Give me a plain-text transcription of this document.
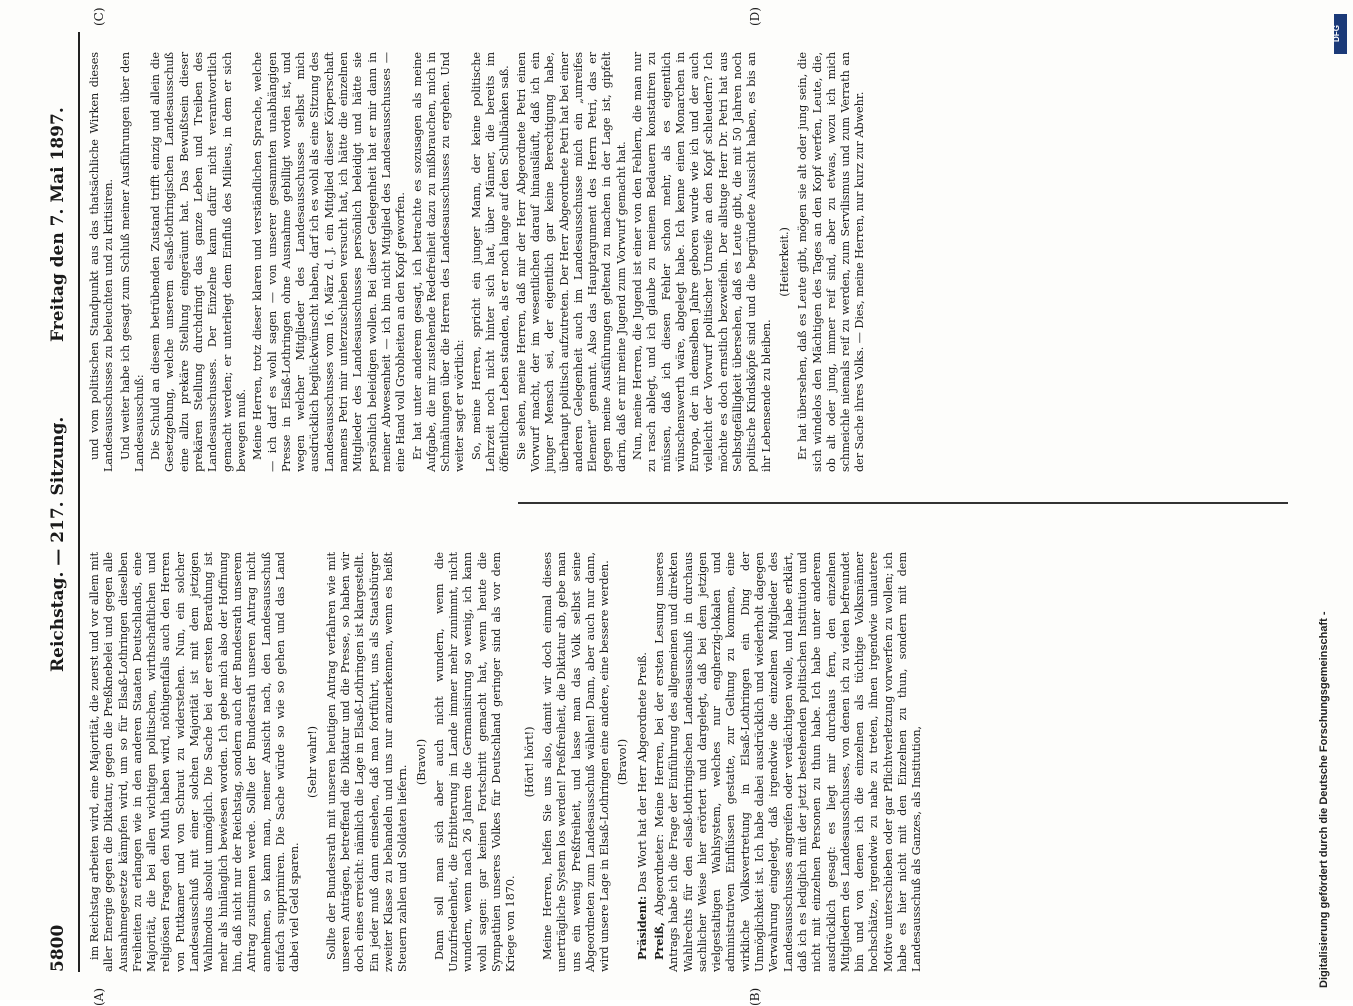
5800
Reichstag. — 217. Sitzung.
Freitag den 7. Mai 1897.
(A)	(B)
(C)	(D)

im Reichstag arbeiten wird, eine Majorität, die zuerst und vor allem mit aller Energie gegen die Diktatur, gegen die Preßknebelei und gegen alle Ausnahmegesetze kämpfen wird, um so für Elsaß-Lothringen dieselben Freiheiten zu erlangen wie in den anderen Staaten Deutschlands, eine Majorität, die bei allen wichtigen politischen, wirthschaftlichen und religiösen Fragen den Muth haben wird, nöthigenfalls auch den Herren von Puttkamer und von Schraut zu widerstehen. Nun, ein solcher Landesausschuß mit einer solchen Majorität ist mit dem jetzigen Wahlmodus absolut unmöglich. Die Sache bei der ersten Berathung ist mehr als hinlänglich bewiesen worden. Ich gebe mich also der Hoffnung hin, daß nicht nur der Reichstag, sondern auch der Bundesrath unserem Antrag zustimmen werde. Sollte der Bundesrath unseren Antrag nicht annehmen, so kann man, meiner Ansicht nach, den Landesausschuß einfach supprimiren. Die Sache würde so wie so gehen und das Land dabei viel Geld sparen.

(Sehr wahr!) Sollte der Bundesrath mit unseren heutigen Antrag verfahren wie mit unseren Anträgen, betreffend die Diktatur und die Presse, so haben wir doch eines erreicht: nämlich die Lage in Elsaß-Lothringen ist klargestellt. Ein jeder muß dann einsehen, daß man fortführt, uns als Staatsbürger zweiter Klasse zu behandeln und uns nur anzuerkennen, wenn es heißt Steuern zahlen und Soldaten liefern.

(Bravo!) Dann soll man sich aber auch nicht wundern, wenn die Unzufriedenheit, die Erbitterung im Lande immer mehr zunimmt, nicht wundern, wenn nach 26 Jahren die Germanisirung so wenig, ich kann wohl sagen: gar keinen Fortschritt gemacht hat, wenn heute die Sympathien unseres Volkes für Deutschland geringer sind als vor dem Kriege von 1870.

(Hört! hört!) Meine Herren, helfen Sie uns also, damit wir doch einmal dieses unerträgliche System los werden! Preßfreiheit, die Diktatur ab, gebe man uns ein wenig Preßfreiheit, und lasse man das Volk selbst seine Abgeordneten zum Landesausschuß wählen! Dann, aber auch nur dann, wird unsere Lage in Elsaß-Lothringen eine andere, eine bessere werden. (Bravo!)

Präsident: Das Wort hat der Herr Abgeordnete Preiß.

Preiß, Abgeordneter: Meine Herren, bei der ersten Lesung unseres Antrags habe ich die Frage der Einführung des allgemeinen und direkten Wahlrechts für den elsaß-lothringischen Landesausschuß in durchaus sachlicher Weise hier erörtert und dargelegt, daß bei dem jetzigen vielgestaltigen Wahlsystem, welches nur engherzig-lokalen und administrativen Einflüssen gestatte, zur Geltung zu kommen, eine wirkliche Volksvertretung in Elsaß-Lothringen ein Ding der Unmöglichkeit ist. Ich habe dabei ausdrücklich und wiederholt dagegen Verwahrung eingelegt, daß irgendwie die einzelnen Mitglieder des Landesausschusses angreifen oder verdächtigen wolle, und habe erklärt, daß ich es lediglich mit der jetzt bestehenden politischen Institution und nicht mit einzelnen Personen zu thun habe. Ich habe unter anderem ausdrücklich gesagt: es liegt mir durchaus fern, den einzelnen Mitgliedern des Landesausschusses, von denen ich zu vielen befreundet bin und von denen ich die einzelnen als tüchtige Volksmänner hochschätze, irgendwie zu nahe zu treten, ihnen irgendwie unlautere Motive unterschieben oder gar Pflichtverletzung vorwerfen zu wollen; ich habe es hier nicht mit den Einzelnen zu thun, sondern mit dem Landesausschuß als Ganzes, als Institution,

und vom politischen Standpunkt aus das thatsächliche Wirken dieses Landesausschusses zu beleuchten und zu kritisiren. Und weiter habe ich gesagt zum Schluß meiner Ausführungen über den Landesausschuß: Die Schuld an diesem betrübenden Zustand trifft einzig und allein die Gesetzgebung, welche unserem elsaß-lothringischen Landesausschuß eine allzu prekäre Stellung eingeräumt hat. Das Bewußtsein dieser prekären Stellung durchdringt das ganze Leben und Treiben des Landesausschusses. Der Einzelne kann dafür nicht verantwortlich gemacht werden; er unterliegt dem Einfluß des Milieus, in dem er sich bewegen muß. Meine Herren, trotz dieser klaren und verständlichen Sprache, welche — ich darf es wohl sagen — von unserer gesammten unabhängigen Presse in Elsaß-Lothringen ohne Ausnahme gebilligt worden ist, und wegen welcher Mitglieder des Landesausschusses selbst mich ausdrücklich beglückwünscht haben, darf ich es wohl als eine Sitzung des Landesausschusses vom 16. März d. J. ein Mitglied dieser Körperschaft namens Petri mir unterzuschieben versucht hat, ich hätte die einzelnen Mitglieder des Landesausschusses persönlich beleidigt und hätte sie persönlich beleidigen wollen. Bei dieser Gelegenheit hat er mir dann in meiner Abwesenheit — ich bin nicht Mitglied des Landesausschusses — eine Hand voll Grobheiten an den Kopf geworfen. Er hat unter anderem gesagt, ich betrachte es sozusagen als meine Aufgabe, die mir zustehende Redefreiheit dazu zu mißbrauchen, mich in Schmähungen über die Herren des Landesausschusses zu ergehen. Und weiter sagt er wörtlich: So, meine Herren, spricht ein junger Mann, der keine politische Lehrzeit noch nicht hinter sich hat, über Männer, die bereits im öffentlichen Leben standen, als er noch lange auf den Schulbänken saß. Sie sehen, meine Herren, daß mir der Herr Abgeordnete Petri einen Vorwurf macht, der im wesentlichen darauf hinausläuft, daß ich ein junger Mensch sei, der eigentlich gar keine Berechtigung habe, überhaupt politisch aufzutreten. Der Herr Abgeordnete Petri hat bei einer anderen Gelegenheit auch im Landesausschusse mich ein „unreifes Element“ genannt. Also das Hauptargument des Herrn Petri, das er gegen meine Ausführungen geltend zu machen in der Lage ist, gipfelt darin, daß er mir meine Jugend zum Vorwurf gemacht hat. Nun, meine Herren, die Jugend ist einer von den Fehlern, die man nur zu rasch ablegt, und ich glaube zu meinem Bedauern konstatiren zu müssen, daß ich diesen Fehler schon mehr, als es eigentlich wünschenswerth wäre, abgelegt habe. Ich kenne einen Monarchen in Europa, der in demselben Jahre geboren wurde wie ich und der auch vielleicht der Vorwurf politischer Unreife an den Kopf schleudern? Ich möchte es doch ernstlich bezweifeln. Der allstuge Herr Dr. Petri hat aus Selbstgefälligkeit übersehen, daß es Leute gibt, die mit 50 Jahren noch politische Kindsköpfe sind und die begründete Aussicht haben, es bis an ihr Lebensende zu bleiben.

(Heiterkeit.) Er hat übersehen, daß es Leute gibt, mögen sie alt oder jung sein, die sich windelos den Mächtigen des Tages an den Kopf werfen, Leute, die, ob alt oder jung, immer reif sind, aber zu etwas, wozu ich mich schmeichle niemals reif zu werden, zum Servilismus und zum Verrath an der Sache ihres Volks. — Dies, meine Herren, nur kurz zur Abwehr.

Digitalisierung gefördert durch die Deutsche Forschungsgemeinschaft -
DFG
